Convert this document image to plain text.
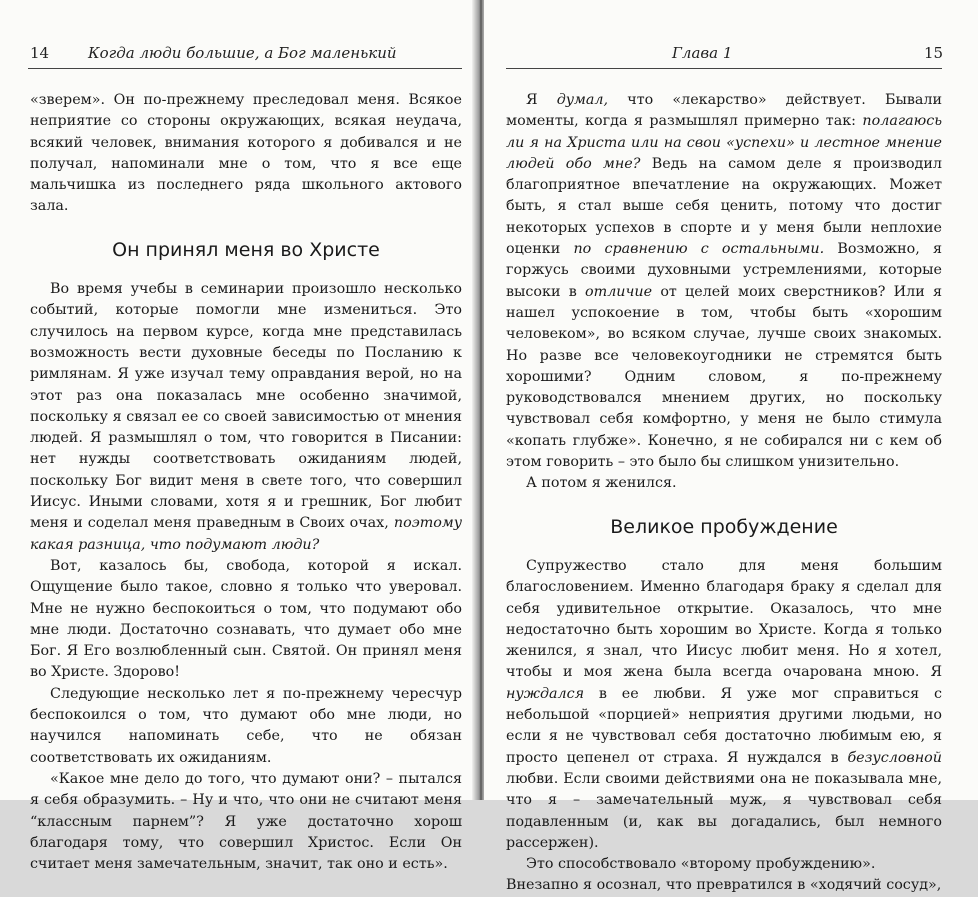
14	Когда люди большие, а Бог маленький

«зверем». Он по-прежнему преследовал меня. Всякое неприятие со стороны окружающих, всякая неудача, всякий человек, внимания которого я добивался и не получал, напоминали мне о том, что я все еще мальчишка из последнего ряда школьного актового зала.

Он принял меня во Христе

Во время учебы в семинарии произошло несколько событий, которые помогли мне измениться. Это случилось на первом курсе, когда мне представилась возможность вести духовные беседы по Посланию к римлянам. Я уже изучал тему оправдания верой, но на этот раз она показалась мне особенно значимой, поскольку я связал ее со своей зависимостью от мнения людей. Я размышлял о том, что говорится в Писании: нет нужды соответствовать ожиданиям людей, поскольку Бог видит меня в свете того, что совершил Иисус. Иными словами, хотя я и грешник, Бог любит меня и соделал меня праведным в Своих очах, поэтому какая разница, что подумают люди?

Вот, казалось бы, свобода, которой я искал. Ощущение было такое, словно я только что уверовал. Мне не нужно беспокоиться о том, что подумают обо мне люди. Достаточно сознавать, что думает обо мне Бог. Я Его возлюбленный сын. Святой. Он принял меня во Христе. Здорово!

Следующие несколько лет я по-прежнему чересчур беспокоился о том, что думают обо мне люди, но научился напоминать себе, что не обязан соответствовать их ожиданиям.

«Какое мне дело до того, что думают они? – пытался я себя образумить. – Ну и что, что они не считают меня “классным парнем”? Я уже достаточно хорош благодаря тому, что совершил Христос. Если Он считает меня замечательным, значит, так оно и есть».

Глава 1	15

Я думал, что «лекарство» действует. Бывали моменты, когда я размышлял примерно так: полагаюсь ли я на Христа или на свои «успехи» и лестное мнение людей обо мне? Ведь на самом деле я производил благоприятное впечатление на окружающих. Может быть, я стал выше себя ценить, потому что достиг некоторых успехов в спорте и у меня были неплохие оценки по сравнению с остальными. Возможно, я горжусь своими духовными устремлениями, которые высоки в отличие от целей моих сверстников? Или я нашел успокоение в том, чтобы быть «хорошим человеком», во всяком случае, лучше своих знакомых. Но разве все человекоугодники не стремятся быть хорошими? Одним словом, я по-прежнему руководствовался мнением других, но поскольку чувствовал себя комфортно, у меня не было стимула «копать глубже». Конечно, я не собирался ни с кем об этом говорить – это было бы слишком унизительно.

А потом я женился.

Великое пробуждение

Супружество стало для меня большим благословением. Именно благодаря браку я сделал для себя удивительное открытие. Оказалось, что мне недостаточно быть хорошим во Христе. Когда я только женился, я знал, что Иисус любит меня. Но я хотел, чтобы и моя жена была всегда очарована мною. Я нуждался в ее любви. Я уже мог справиться с небольшой «порцией» неприятия другими людьми, но если я не чувствовал себя достаточно любимым ею, я просто цепенел от страха. Я нуждался в безусловной любви. Если своими действиями она не показывала мне, что я – замечательный муж, я чувствовал себя подавленным (и, как вы догадались, был немного рассержен).

Это способствовало «второму пробуждению». Внезапно я осознал, что превратился в «ходячий сосуд»,
